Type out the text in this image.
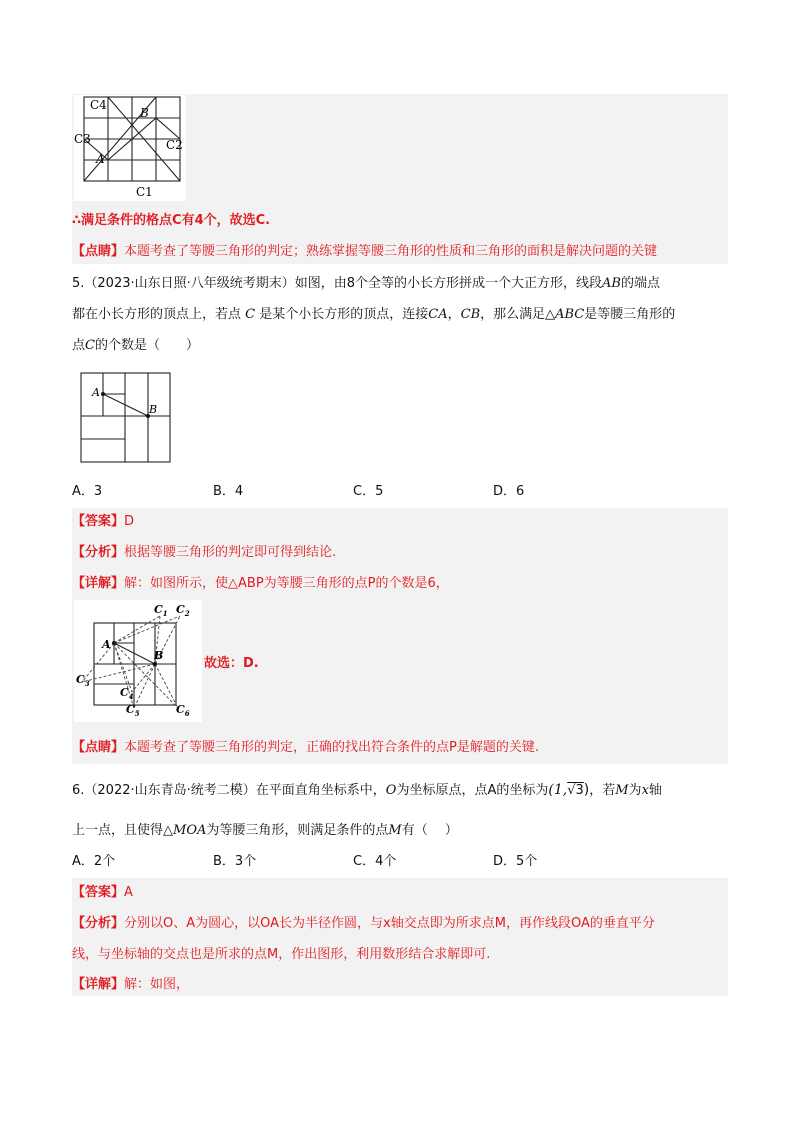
C4
B
C3	C2
A
C1
∴满足条件的格点C有4个，故选C.
【点睛】本题考查了等腰三角形的判定；熟练掌握等腰三角形的性质和三角形的面积是解决问题的关键
5.（2023·山东日照·八年级统考期末）如图，由8个全等的小长方形拼成一个大正方形，线段AB的端点
都在小长方形的顶点上，若点 C 是某个小长方形的顶点，连接CA，CB，那么满足△ABC是等腰三角形的
点C的个数是（　　）
A
B
A．3	B．4	C．5	D．6
【答案】D
【分析】根据等腰三角形的判定即可得到结论.
【详解】解：如图所示，使△ABP为等腰三角形的点P的个数是6，
A
B
$C_1$ $C_2$
$C_3$
$C_4$
$C_5$	$C_6$
故选：D.
【点睛】本题考查了等腰三角形的判定，正确的找出符合条件的点P是解题的关键.
6.（2022·山东青岛·统考二模）在平面直角坐标系中，O为坐标原点，点A的坐标为(1,√3)，若M为x轴
上一点，且使得△MOA为等腰三角形，则满足条件的点M有（　 ）
A．2个	B．3个	C．4个	D．5个
【答案】A
【分析】分别以O、A为圆心，以OA长为半径作圆，与x轴交点即为所求点M，再作线段OA的垂直平分
线，与坐标轴的交点也是所求的点M，作出图形，利用数形结合求解即可.
【详解】解：如图，
